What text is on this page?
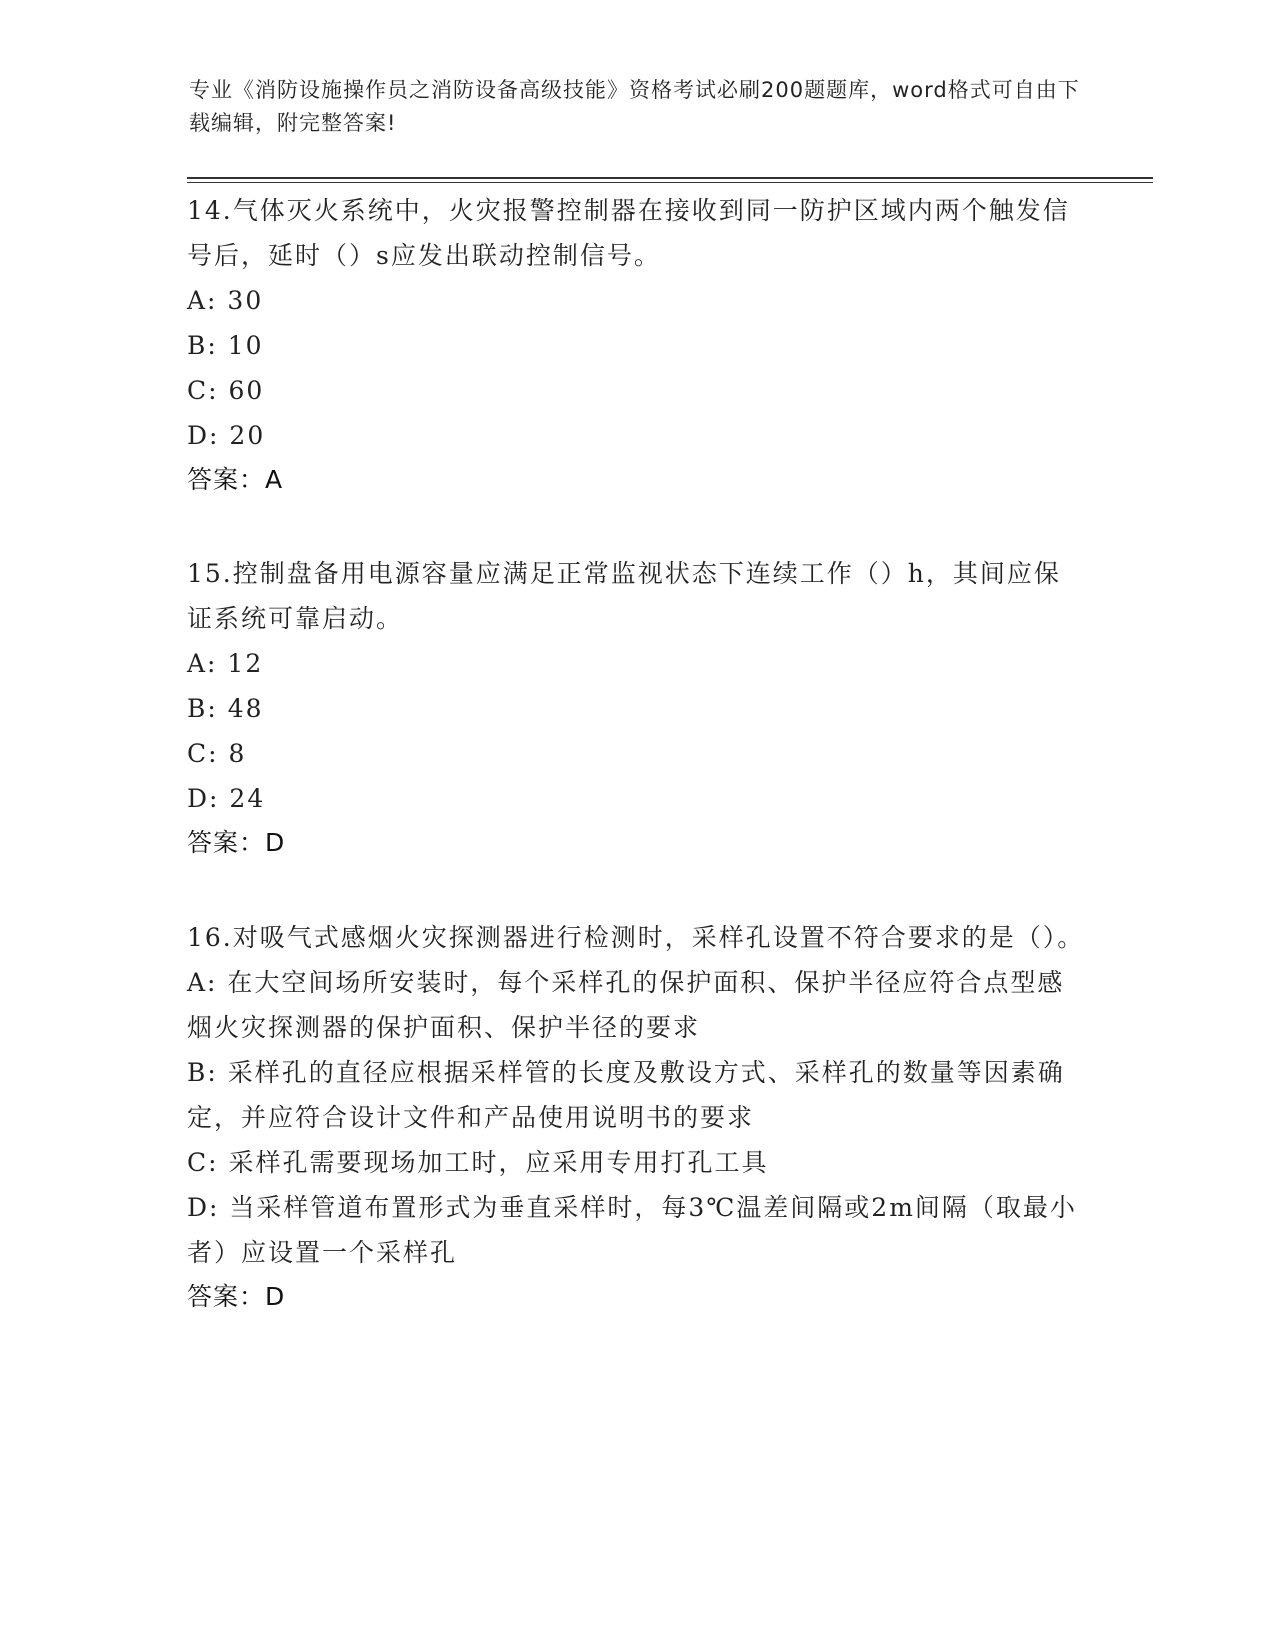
专业《消防设施操作员之消防设备高级技能》资格考试必刷200题题库，word格式可自由下载编辑，附完整答案!

14.气体灭火系统中，火灾报警控制器在接收到同一防护区域内两个触发信号后，延时（）s应发出联动控制信号。

A: 30

B: 10

C: 60

D: 20

答案：A

15.控制盘备用电源容量应满足正常监视状态下连续工作（）h，其间应保证系统可靠启动。

A: 12

B: 48

C: 8

D: 24

答案：D

16.对吸气式感烟火灾探测器进行检测时，采样孔设置不符合要求的是（）。

A: 在大空间场所安装时，每个采样孔的保护面积、保护半径应符合点型感烟火灾探测器的保护面积、保护半径的要求

B: 采样孔的直径应根据采样管的长度及敷设方式、采样孔的数量等因素确定，并应符合设计文件和产品使用说明书的要求

C: 采样孔需要现场加工时，应采用专用打孔工具

D: 当采样管道布置形式为垂直采样时，每3℃温差间隔或2m间隔（取最小者）应设置一个采样孔

答案：D
